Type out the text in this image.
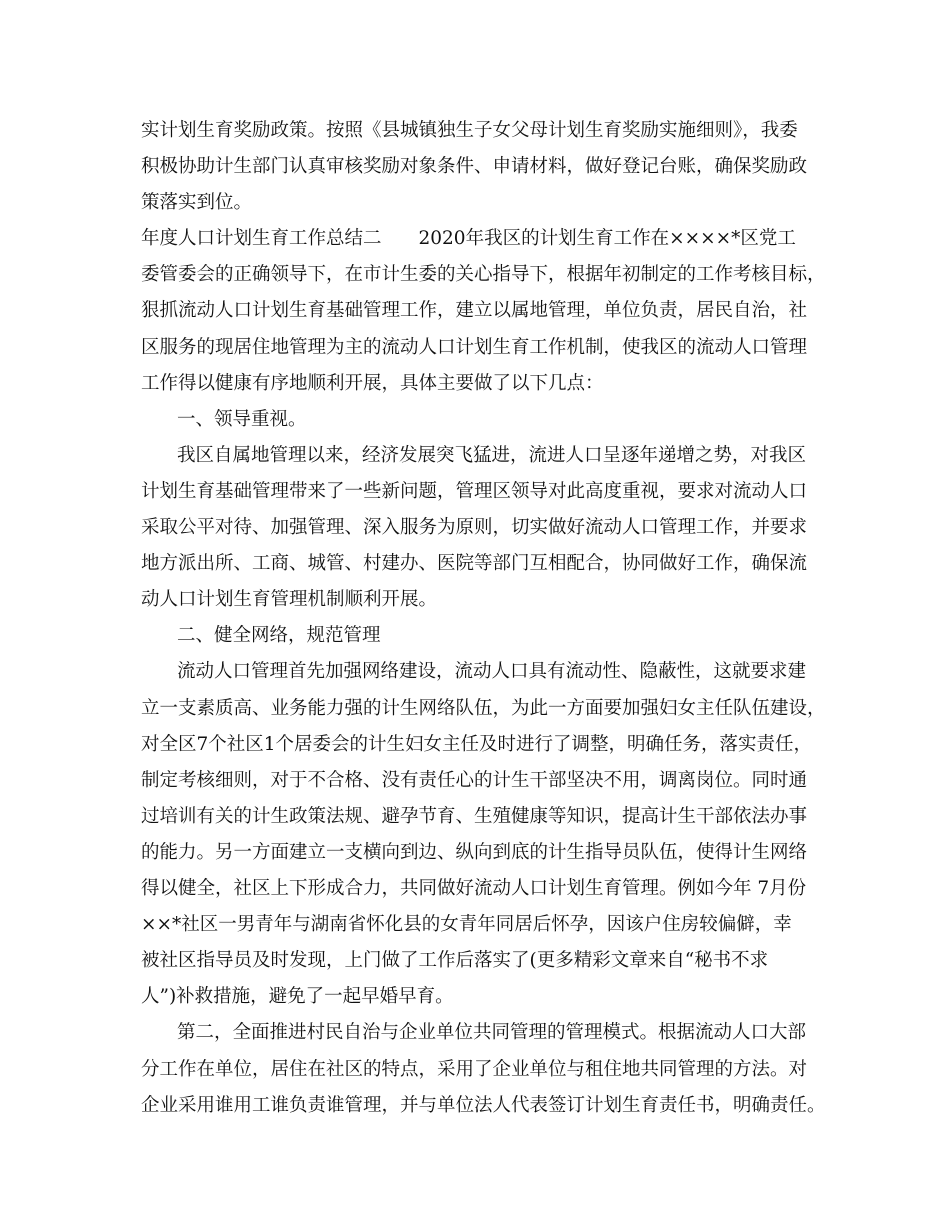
实计划生育奖励政策。按照《县城镇独生子女父母计划生育奖励实施细则》，我委

积极协助计生部门认真审核奖励对象条件、申请材料，做好登记台账，确保奖励政

策落实到位。

年度人口计划生育工作总结二　　2020年我区的计划生育工作在××××*区党工

委管委会的正确领导下，在市计生委的关心指导下，根据年初制定的工作考核目标，

狠抓流动人口计划生育基础管理工作，建立以属地管理，单位负责，居民自治，社

区服务的现居住地管理为主的流动人口计划生育工作机制，使我区的流动人口管理

工作得以健康有序地顺利开展，具体主要做了以下几点：

一、领导重视。

我区自属地管理以来，经济发展突飞猛进，流进人口呈逐年递增之势，对我区

计划生育基础管理带来了一些新问题，管理区领导对此高度重视，要求对流动人口

采取公平对待、加强管理、深入服务为原则，切实做好流动人口管理工作，并要求

地方派出所、工商、城管、村建办、医院等部门互相配合，协同做好工作，确保流

动人口计划生育管理机制顺利开展。

二、健全网络，规范管理

流动人口管理首先加强网络建设，流动人口具有流动性、隐蔽性，这就要求建

立一支素质高、业务能力强的计生网络队伍，为此一方面要加强妇女主任队伍建设，

对全区7个社区1个居委会的计生妇女主任及时进行了调整，明确任务，落实责任，

制定考核细则，对于不合格、没有责任心的计生干部坚决不用，调离岗位。同时通

过培训有关的计生政策法规、避孕节育、生殖健康等知识，提高计生干部依法办事

的能力。另一方面建立一支横向到边、纵向到底的计生指导员队伍，使得计生网络

得以健全，社区上下形成合力，共同做好流动人口计划生育管理。例如今年 7月份

××*社区一男青年与湖南省怀化县的女青年同居后怀孕，因该户住房较偏僻，幸

被社区指导员及时发现，上门做了工作后落实了(更多精彩文章来自“秘书不求

人”)补救措施，避免了一起早婚早育。

第二，全面推进村民自治与企业单位共同管理的管理模式。根据流动人口大部

分工作在单位，居住在社区的特点，采用了企业单位与租住地共同管理的方法。对

企业采用谁用工谁负责谁管理，并与单位法人代表签订计划生育责任书，明确责任。
